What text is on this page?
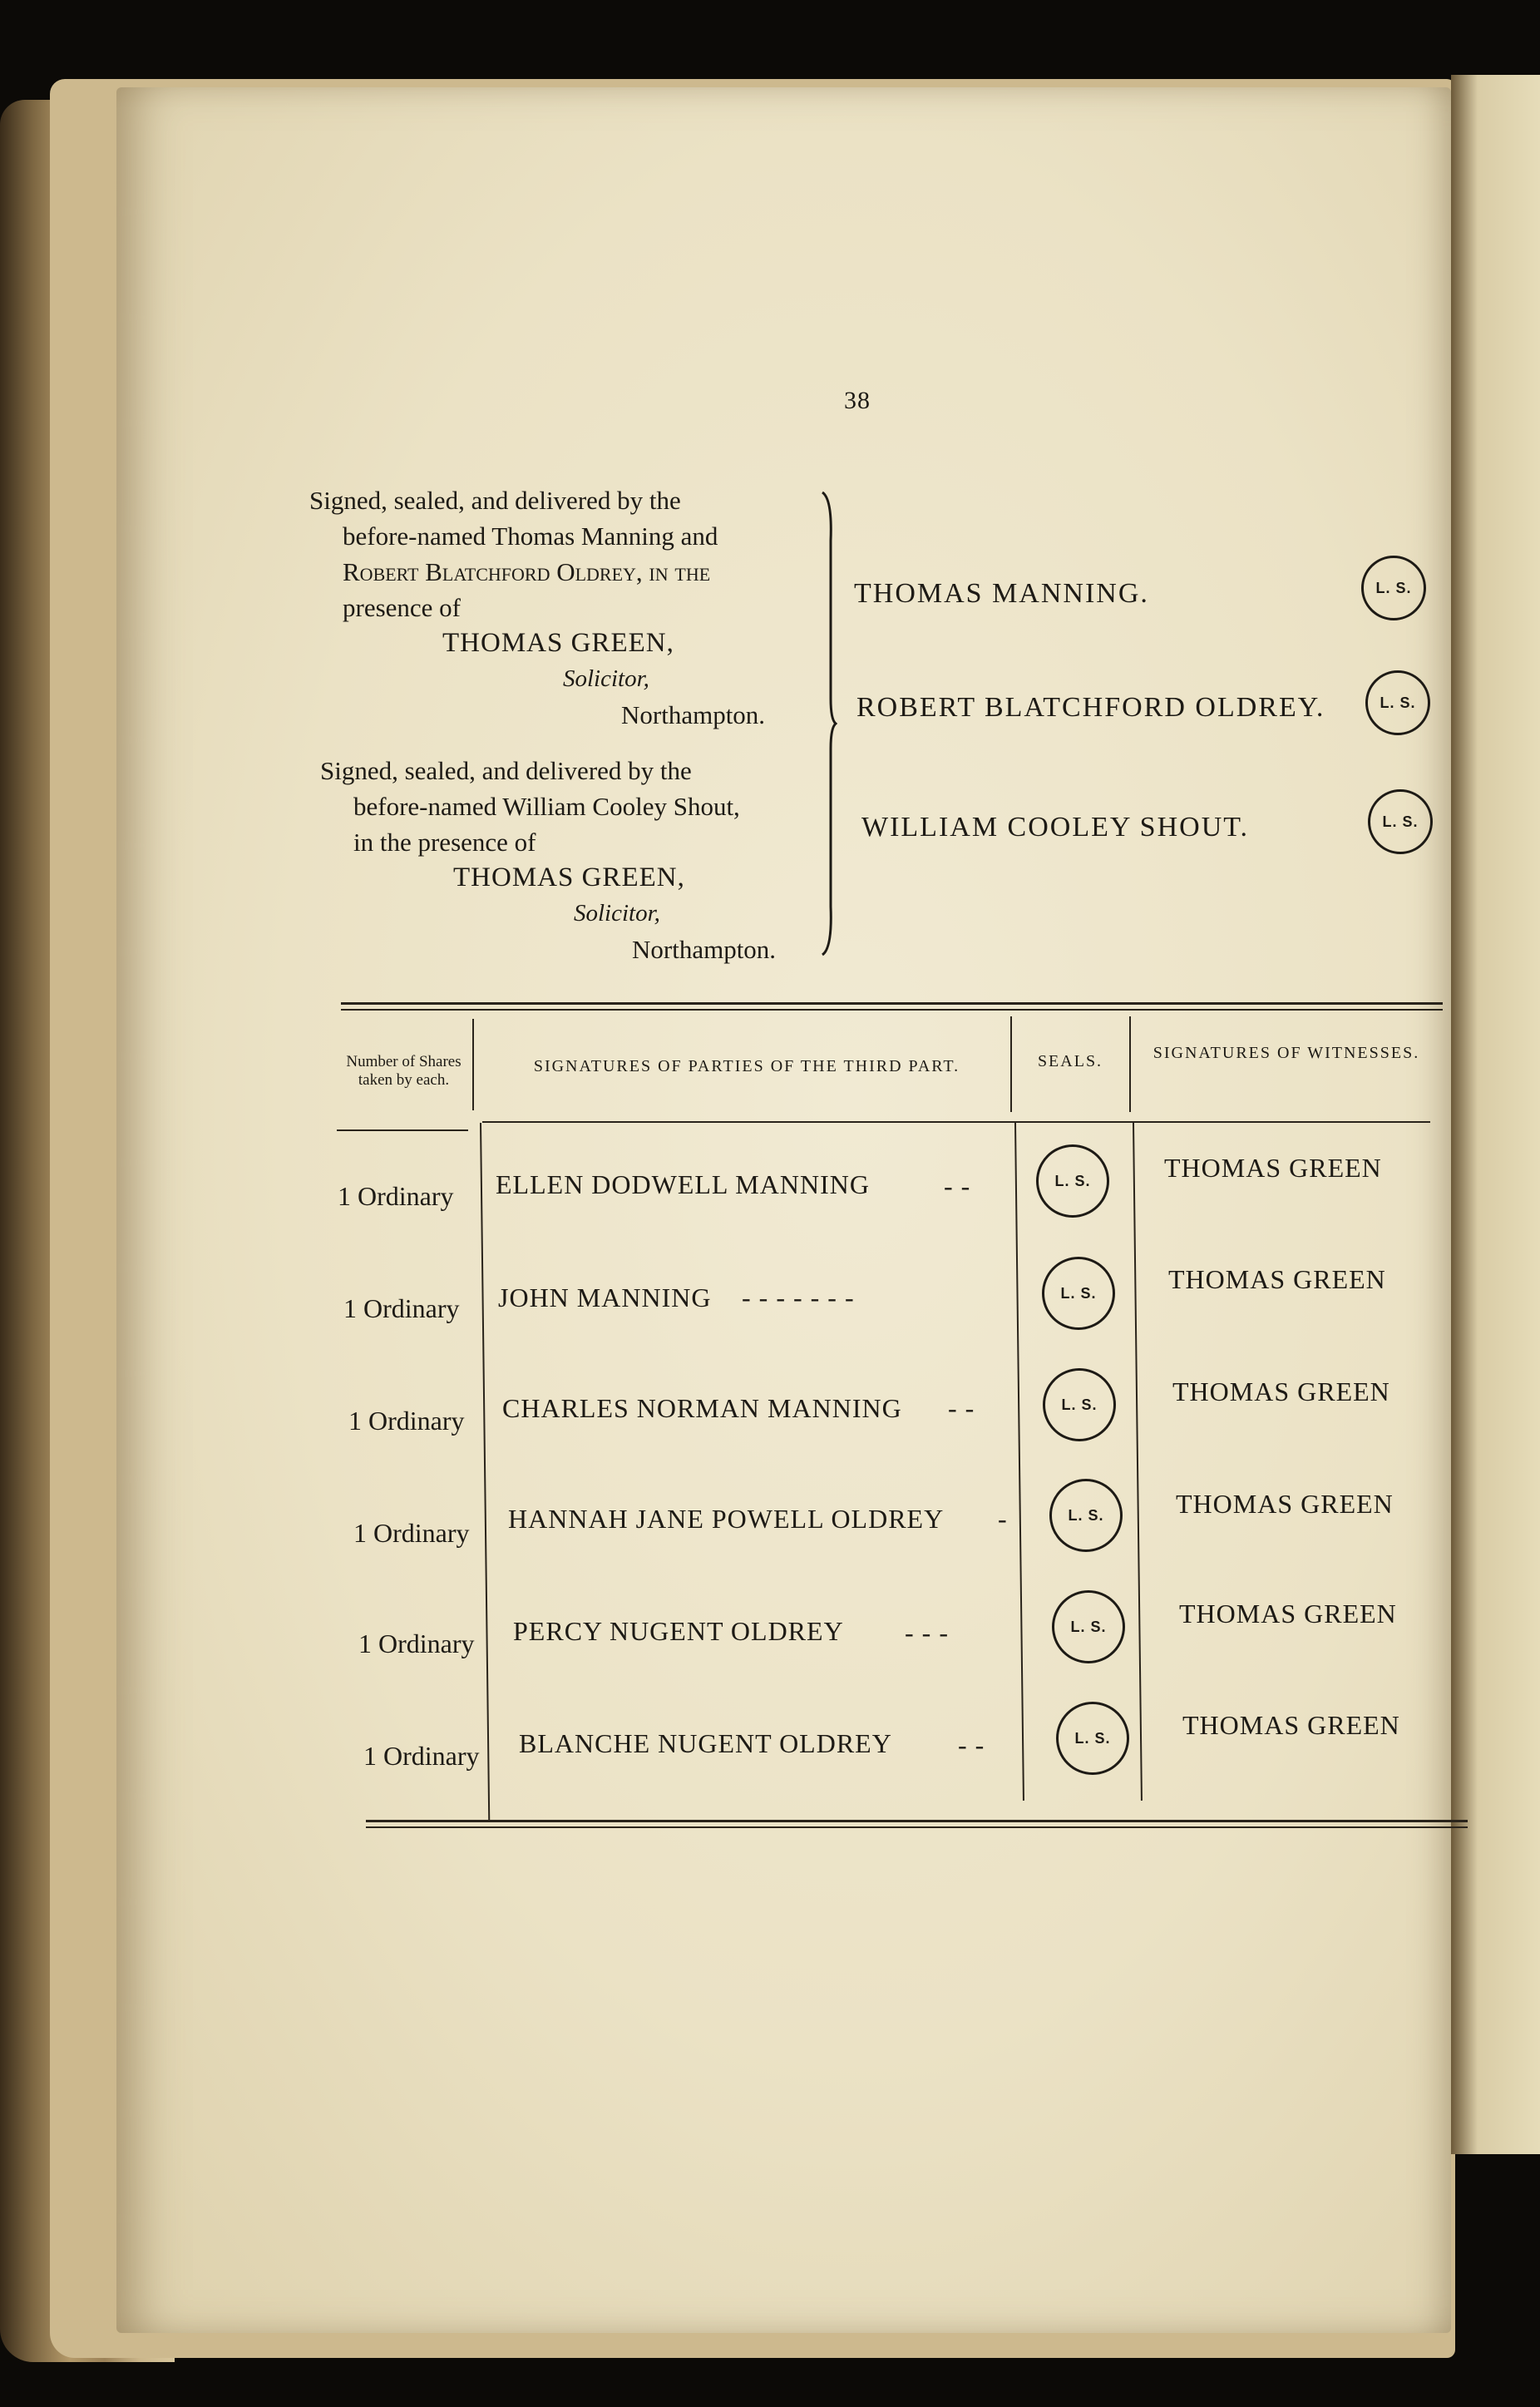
38
Signed, sealed, and delivered by the
before-named Thomas Manning and
Robert Blatchford Oldrey, in the
presence of
THOMAS GREEN,
Solicitor,
Northampton.
Signed, sealed, and delivered by the
before-named William Cooley Shout,
in the presence of
THOMAS GREEN,
Solicitor,
Northampton.
THOMAS MANNING.
ROBERT BLATCHFORD OLDREY.
WILLIAM COOLEY SHOUT.
L. S.
L. S.
L. S.
Number of Shares taken by each.
SIGNATURES OF PARTIES OF THE THIRD PART.	SEALS.	SIGNATURES OF WITNESSES.
1 Ordinary ELLEN DODWELL MANNING	- -	L. S.	THOMAS GREEN
1 Ordinary JOHN MANNING - - - - - - -	L. S.	THOMAS GREEN
1 Ordinary CHARLES NORMAN MANNING - -	L. S.	THOMAS GREEN
1 Ordinary HANNAH JANE POWELL OLDREY -	L. S.	THOMAS GREEN
1 Ordinary PERCY NUGENT OLDREY - - -	L. S.	THOMAS GREEN
1 Ordinary BLANCHE NUGENT OLDREY - -	L. S.	THOMAS GREEN
